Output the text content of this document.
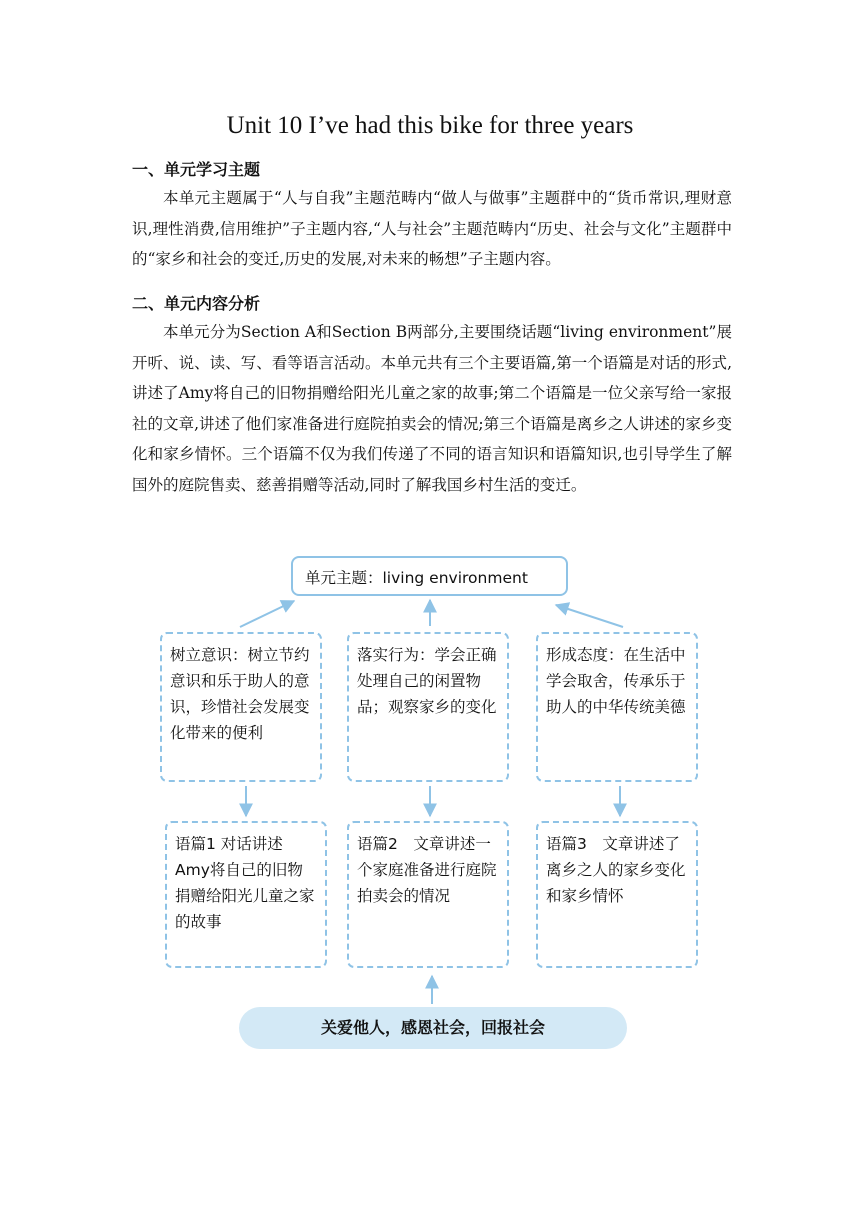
Unit 10 I’ve had this bike for three years
一、单元学习主题

本单元主题属于“人与自我”主题范畴内“做人与做事”主题群中的“货币常识,理财意识,理性消费,信用维护”子主题内容,“人与社会”主题范畴内“历史、社会与文化”主题群中的“家乡和社会的变迁,历史的发展,对未来的畅想”子主题内容。

二、单元内容分析

本单元分为Section A和Section B两部分,主要围绕话题“living environment”展开听、说、读、写、看等语言活动。本单元共有三个主要语篇,第一个语篇是对话的形式,讲述了Amy将自己的旧物捐赠给阳光儿童之家的故事;第二个语篇是一位父亲写给一家报社的文章,讲述了他们家准备进行庭院拍卖会的情况;第三个语篇是离乡之人讲述的家乡变化和家乡情怀。三个语篇不仅为我们传递了不同的语言知识和语篇知识,也引导学生了解国外的庭院售卖、慈善捐赠等活动,同时了解我国乡村生活的变迁。

单元主题：living environment
树立意识：树立节约意识和乐于助人的意识，珍惜社会发展变化带来的便利
落实行为：学会正确处理自己的闲置物品；观察家乡的变化
形成态度：在生活中学会取舍，传承乐于助人的中华传统美德
语篇1 对话讲述Amy将自己的旧物捐赠给阳光儿童之家的故事
语篇2　文章讲述一个家庭准备进行庭院拍卖会的情况
语篇3　文章讲述了离乡之人的家乡变化和家乡情怀
关爱他人，感恩社会，回报社会
